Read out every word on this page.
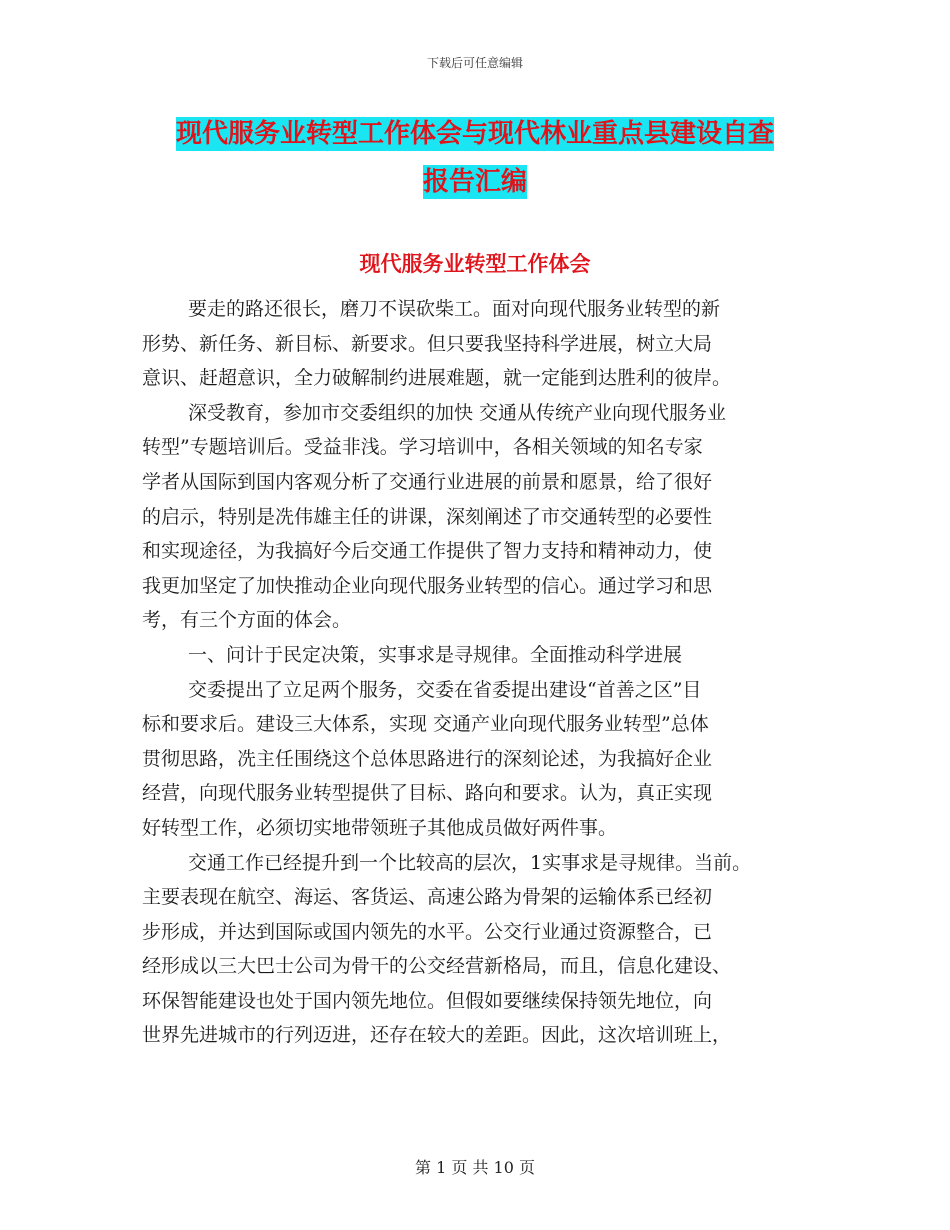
下载后可任意编辑
现代服务业转型工作体会与现代林业重点县建设自查
报告汇编
现代服务业转型工作体会
要走的路还很长，磨刀不误砍柴工。面对向现代服务业转型的新
形势、新任务、新目标、新要求。但只要我坚持科学进展，树立大局
意识、赶超意识，全力破解制约进展难题，就一定能到达胜利的彼岸。
深受教育，参加市交委组织的加快 交通从传统产业向现代服务业
转型”专题培训后。受益非浅。学习培训中，各相关领域的知名专家
学者从国际到国内客观分析了交通行业进展的前景和愿景，给了很好
的启示，特别是冼伟雄主任的讲课，深刻阐述了市交通转型的必要性
和实现途径，为我搞好今后交通工作提供了智力支持和精神动力，使
我更加坚定了加快推动企业向现代服务业转型的信心。通过学习和思
考，有三个方面的体会。
一、问计于民定决策，实事求是寻规律。全面推动科学进展
交委提出了立足两个服务，交委在省委提出建设“首善之区”目
标和要求后。建设三大体系，实现 交通产业向现代服务业转型”总体
贯彻思路，冼主任围绕这个总体思路进行的深刻论述，为我搞好企业
经营，向现代服务业转型提供了目标、路向和要求。认为，真正实现
好转型工作，必须切实地带领班子其他成员做好两件事。
交通工作已经提升到一个比较高的层次，1实事求是寻规律。当前。
主要表现在航空、海运、客货运、高速公路为骨架的运输体系已经初
步形成，并达到国际或国内领先的水平。公交行业通过资源整合，已
经形成以三大巴士公司为骨干的公交经营新格局，而且，信息化建设、
环保智能建设也处于国内领先地位。但假如要继续保持领先地位，向
世界先进城市的行列迈进，还存在较大的差距。因此，这次培训班上，
第 1 页 共 10 页
